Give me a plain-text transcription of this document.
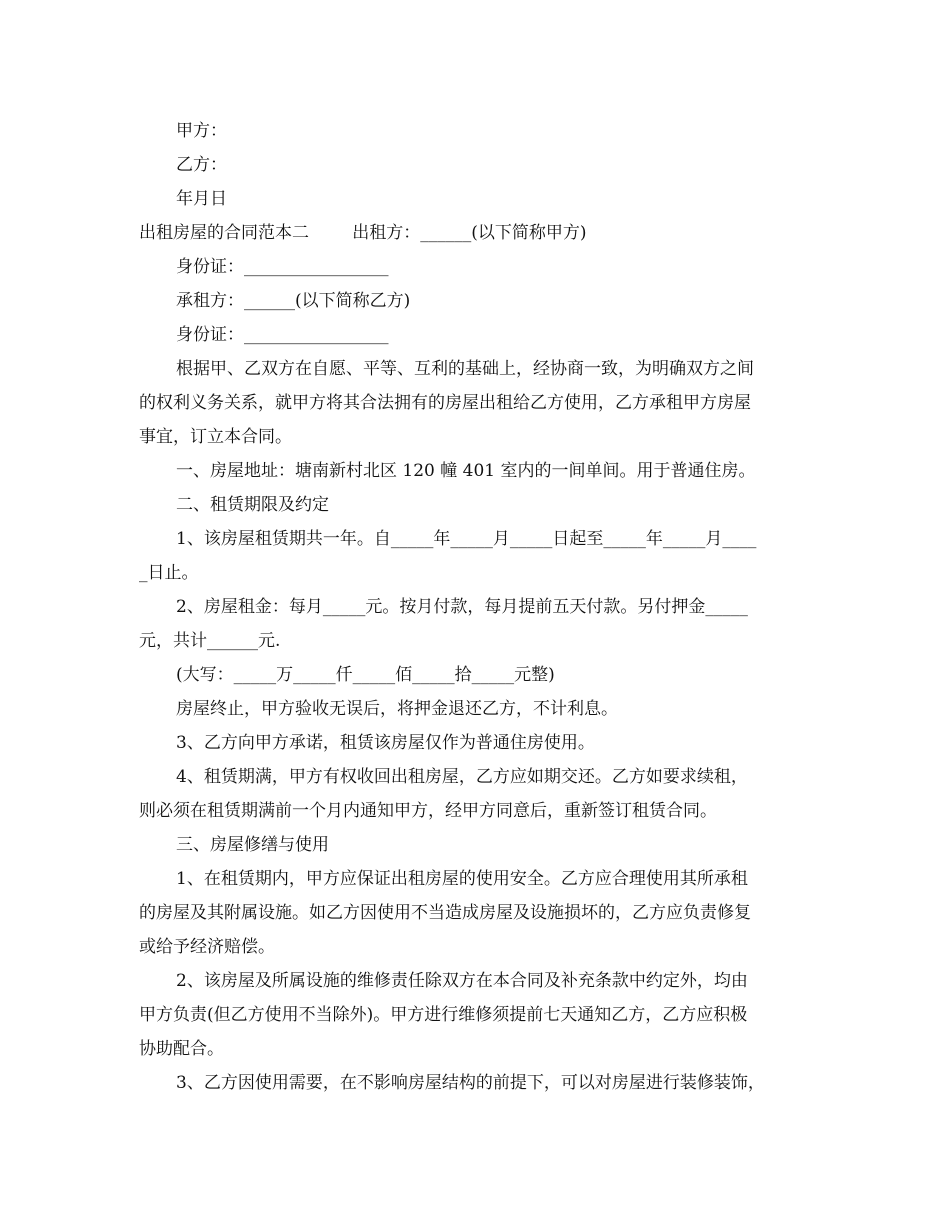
甲方：
乙方：
年月日
出租房屋的合同范本二        出租方：______(以下简称甲方)
身份证：_________________
承租方：______(以下简称乙方)
身份证：_________________
根据甲、乙双方在自愿、平等、互利的基础上，经协商一致，为明确双方之间
的权利义务关系，就甲方将其合法拥有的房屋出租给乙方使用，乙方承租甲方房屋
事宜，订立本合同。
一、房屋地址：塘南新村北区 120 幢 401 室内的一间单间。用于普通住房。
二、租赁期限及约定
1、该房屋租赁期共一年。自_____年_____月_____日起至_____年_____月____
_日止。
2、房屋租金：每月_____元。按月付款，每月提前五天付款。另付押金_____
元，共计______元.
(大写：_____万_____仟_____佰_____拾_____元整)
房屋终止，甲方验收无误后，将押金退还乙方，不计利息。
3、乙方向甲方承诺，租赁该房屋仅作为普通住房使用。
4、租赁期满，甲方有权收回出租房屋，乙方应如期交还。乙方如要求续租，
则必须在租赁期满前一个月内通知甲方，经甲方同意后，重新签订租赁合同。
三、房屋修缮与使用
1、在租赁期内，甲方应保证出租房屋的使用安全。乙方应合理使用其所承租
的房屋及其附属设施。如乙方因使用不当造成房屋及设施损坏的，乙方应负责修复
或给予经济赔偿。
2、该房屋及所属设施的维修责任除双方在本合同及补充条款中约定外，均由
甲方负责(但乙方使用不当除外)。甲方进行维修须提前七天通知乙方，乙方应积极
协助配合。
3、乙方因使用需要，在不影响房屋结构的前提下，可以对房屋进行装修装饰，
